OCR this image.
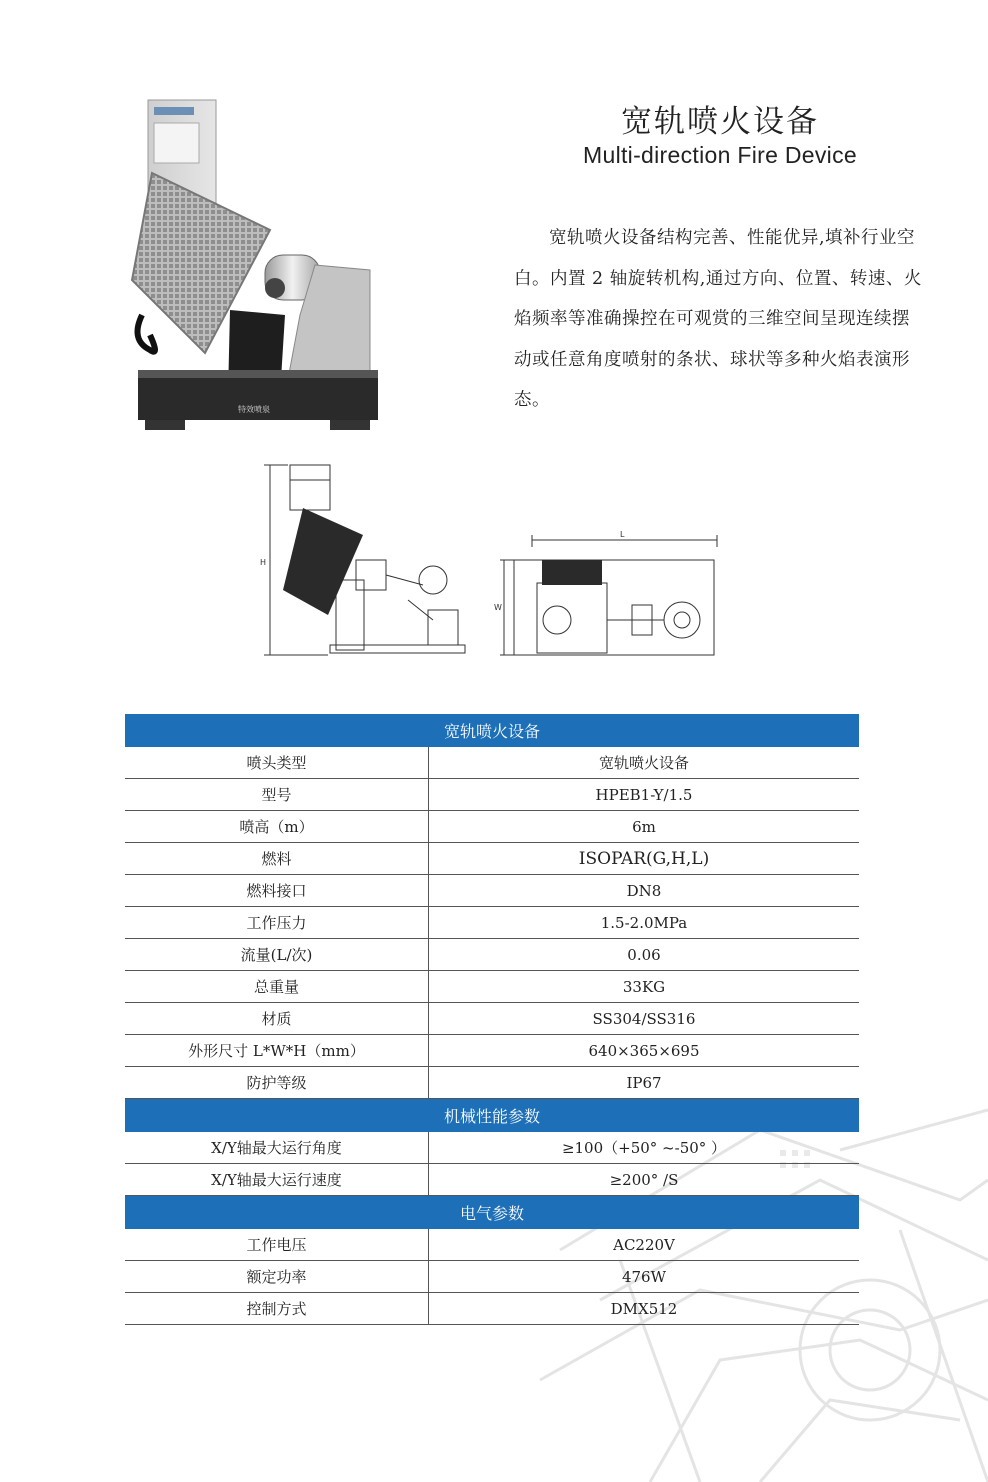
特效喷泉
宽轨喷火设备
Multi-direction Fire Device
宽轨喷火设备结构完善、性能优异,填补行业空白。内置 2 轴旋转机构,通过方向、位置、转速、火焰频率等准确操控在可观赏的三维空间呈现连续摆动或任意角度喷射的条状、球状等多种火焰表演形态。
H
L
W
宽轨喷火设备	
喷头类型	宽轨喷火设备
型号	HPEB1-Y/1.5
喷高（m）	6m
燃料	ISOPAR(G,H,L)
燃料接口	DN8
工作压力	1.5-2.0MPa
流量(L/次)	0.06
总重量	33KG
材质	SS304/SS316
外形尺寸 L*W*H（mm）	640×365×695
防护等级	IP67
机械性能参数	
X/Y轴最大运行角度	≥100（+50° ~-50° ）
X/Y轴最大运行速度	≥200° /S
电气参数	
工作电压	AC220V
额定功率	476W
控制方式	DMX512
